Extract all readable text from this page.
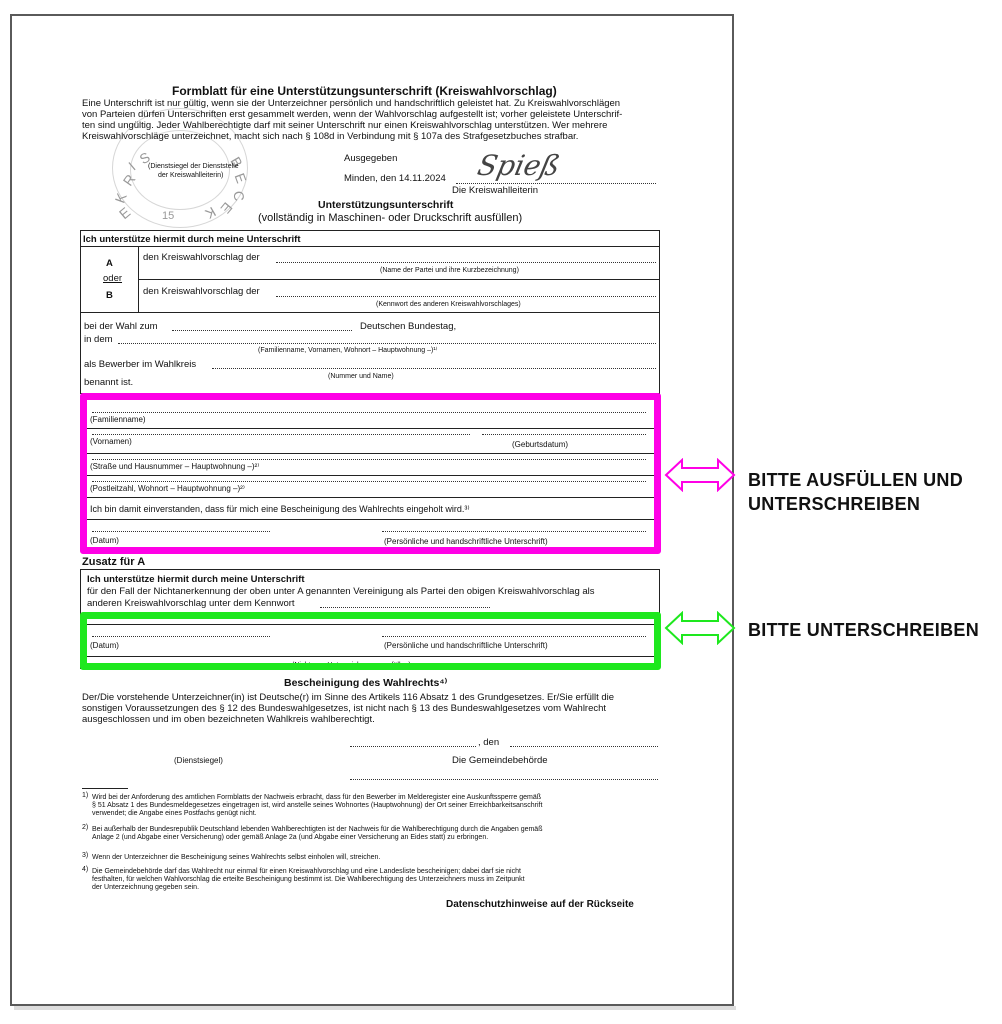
K
R
E
I
S	B
E
C
K
E
15
Formblatt für eine Unterstützungsunterschrift (Kreiswahlvorschlag)
Eine Unterschrift ist nur gültig, wenn sie der Unterzeichner persönlich und handschriftlich geleistet hat. Zu Kreiswahlvorschlägen
von Parteien dürfen Unterschriften erst gesammelt werden, wenn der Wahlvorschlag aufgestellt ist; vorher geleistete Unterschrif-
ten sind ungültig. Jeder Wahlberechtigte darf mit seiner Unterschrift nur einen Kreiswahlvorschlag unterstützen. Wer mehrere
Kreiswahlvorschläge unterzeichnet, macht sich nach § 108d in Verbindung mit § 107a des Strafgesetzbuches strafbar.
(Dienstsiegel der Dienststelle
der Kreiswahlleiterin)
Ausgegeben
Minden, den 14.11.2024 Spieß
Die Kreiswahlleiterin
Unterstützungsunterschrift
(vollständig in Maschinen- oder Druckschrift ausfüllen)
Ich unterstütze hiermit durch meine Unterschrift
A
oder
B
den Kreiswahlvorschlag der
(Name der Partei und ihre Kurzbezeichnung)
den Kreiswahlvorschlag der
(Kennwort des anderen Kreiswahlvorschlages)
bei der Wahl zum	Deutschen Bundestag,
in dem
(Familienname, Vornamen, Wohnort – Hauptwohnung –)¹⁾
als Bewerber im Wahlkreis
(Nummer und Name)
benannt ist.
(Familienname)
(Vornamen)	(Geburtsdatum)
(Straße und Hausnummer – Hauptwohnung –)²⁾
(Postleitzahl, Wohnort – Hauptwohnung –)²⁾
Ich bin damit einverstanden, dass für mich eine Bescheinigung des Wahlrechts eingeholt wird.³⁾
(Datum)	(Persönliche und handschriftliche Unterschrift)
Zusatz für A
Ich unterstütze hiermit durch meine Unterschrift
für den Fall der Nichtanerkennung der oben unter A genannten Vereinigung als Partei den obigen Kreiswahlvorschlag als
anderen Kreiswahlvorschlag unter dem Kennwort
(Datum)	(Persönliche und handschriftliche Unterschrift)
(Nicht vom Unterzeichner auszufüllen)
Bescheinigung des Wahlrechts⁴⁾
Der/Die vorstehende Unterzeichner(in) ist Deutsche(r) im Sinne des Artikels 116 Absatz 1 des Grundgesetzes. Er/Sie erfüllt die
sonstigen Voraussetzungen des § 12 des Bundeswahlgesetzes, ist nicht nach § 13 des Bundeswahlgesetzes vom Wahlrecht
ausgeschlossen und im oben bezeichneten Wahlkreis wahlberechtigt.
, den
(Dienstsiegel)	Die Gemeindebehörde
1) Wird bei der Anforderung des amtlichen Formblatts der Nachweis erbracht, dass für den Bewerber im Melderegister eine Auskunftssperre gemäß
§ 51 Absatz 1 des Bundesmeldegesetzes eingetragen ist, wird anstelle seines Wohnortes (Hauptwohnung) der Ort seiner Erreichbarkeitsanschrift
verwendet; die Angabe eines Postfachs genügt nicht.
2) Bei außerhalb der Bundesrepublik Deutschland lebenden Wahlberechtigten ist der Nachweis für die Wahlberechtigung durch die Angaben gemäß
Anlage 2 (und Abgabe einer Versicherung) oder gemäß Anlage 2a (und Abgabe einer Versicherung an Eides statt) zu erbringen.
3) Wenn der Unterzeichner die Bescheinigung seines Wahlrechts selbst einholen will, streichen.
4) Die Gemeindebehörde darf das Wahlrecht nur einmal für einen Kreiswahlvorschlag und eine Landesliste bescheinigen; dabei darf sie nicht
festhalten, für welchen Wahlvorschlag die erteilte Bescheinigung bestimmt ist. Die Wahlberechtigung des Unterzeichners muss im Zeitpunkt
der Unterzeichnung gegeben sein.
Datenschutzhinweise auf der Rückseite
BITTE AUSFÜLLEN UND
UNTERSCHREIBEN
BITTE UNTERSCHREIBEN
